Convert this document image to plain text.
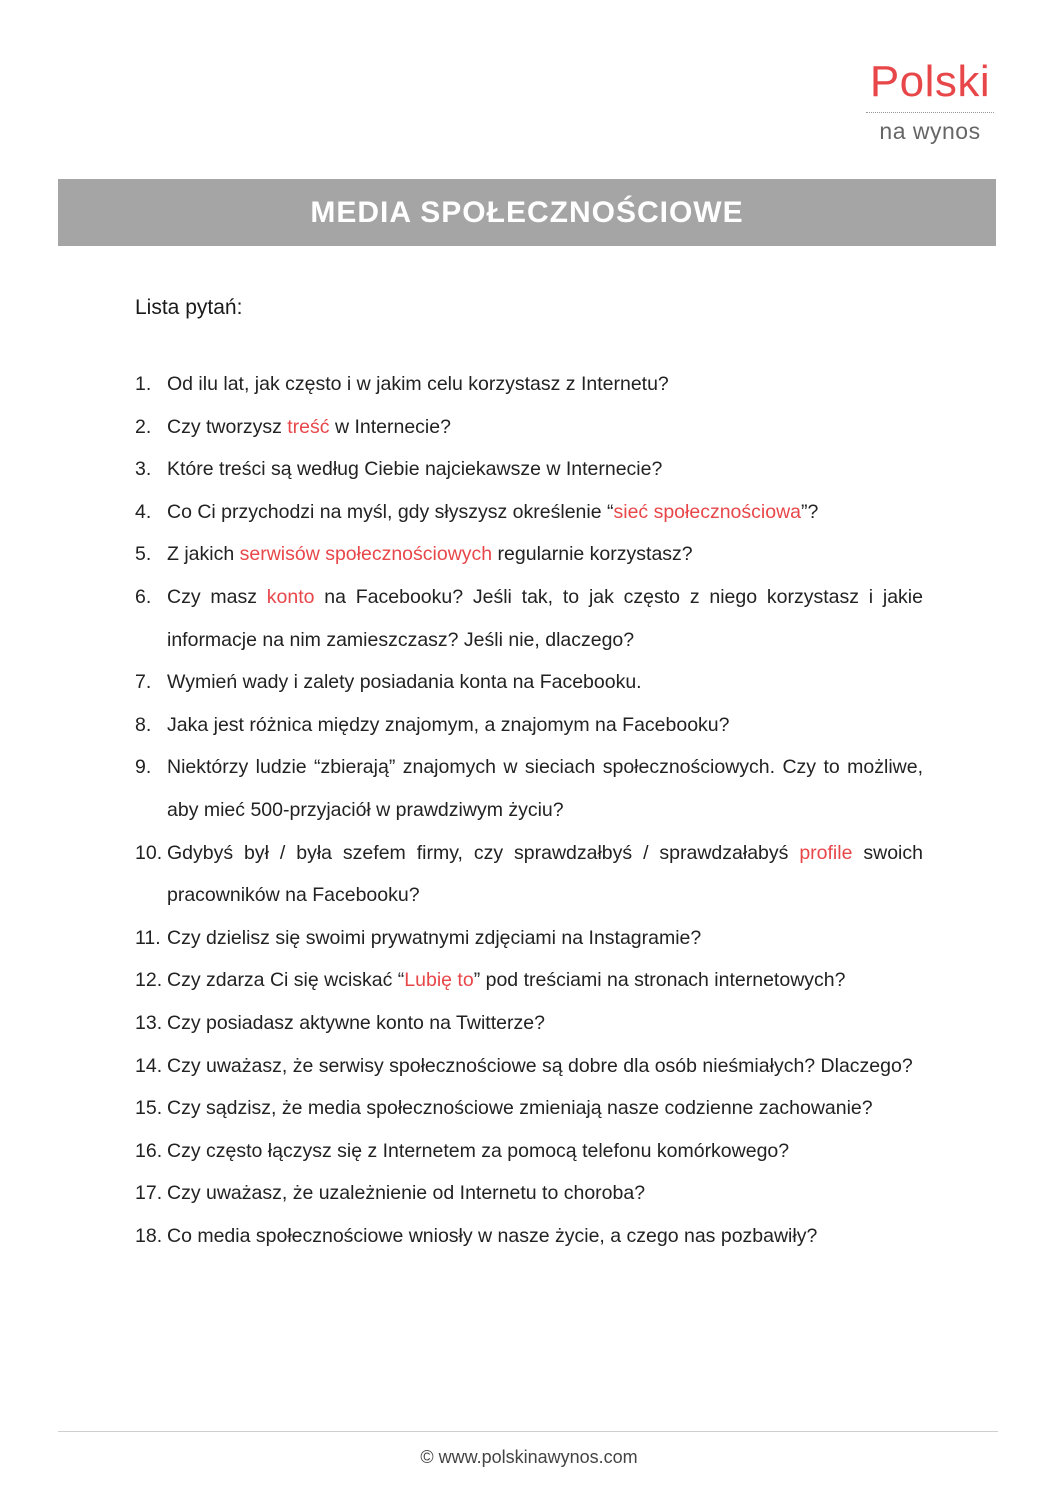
Polski
na wynos
MEDIA SPOŁECZNOŚCIOWE
Lista pytań:
1. Od ilu lat, jak często i w jakim celu korzystasz z Internetu?
2. Czy tworzysz treść w Internecie?
3. Które treści są według Ciebie najciekawsze w Internecie?
4. Co Ci przychodzi na myśl, gdy słyszysz określenie “sieć społecznościowa”?
5. Z jakich serwisów społecznościowych regularnie korzystasz?
6. Czy masz konto na Facebooku? Jeśli tak, to jak często z niego korzystasz i jakie informacje na nim zamieszczasz? Jeśli nie, dlaczego?
7. Wymień wady i zalety posiadania konta na Facebooku.
8. Jaka jest różnica między znajomym, a znajomym na Facebooku?
9. Niektórzy ludzie “zbierają” znajomych w sieciach społecznościowych. Czy to możliwe, aby mieć 500-przyjaciół w prawdziwym życiu?
10. Gdybyś był / była szefem firmy, czy sprawdzałbyś / sprawdzałabyś profile swoich pracowników na Facebooku?
11. Czy dzielisz się swoimi prywatnymi zdjęciami na Instagramie?
12. Czy zdarza Ci się wciskać “Lubię to” pod treściami na stronach internetowych?
13. Czy posiadasz aktywne konto na Twitterze?
14. Czy uważasz, że serwisy społecznościowe są dobre dla osób nieśmiałych? Dlaczego?
15. Czy sądzisz, że media społecznościowe zmieniają nasze codzienne zachowanie?
16. Czy często łączysz się z Internetem za pomocą telefonu komórkowego?
17. Czy uważasz, że uzależnienie od Internetu to choroba?
18. Co media społecznościowe wniosły w nasze życie, a czego nas pozbawiły?
© www.polskinawynos.com
